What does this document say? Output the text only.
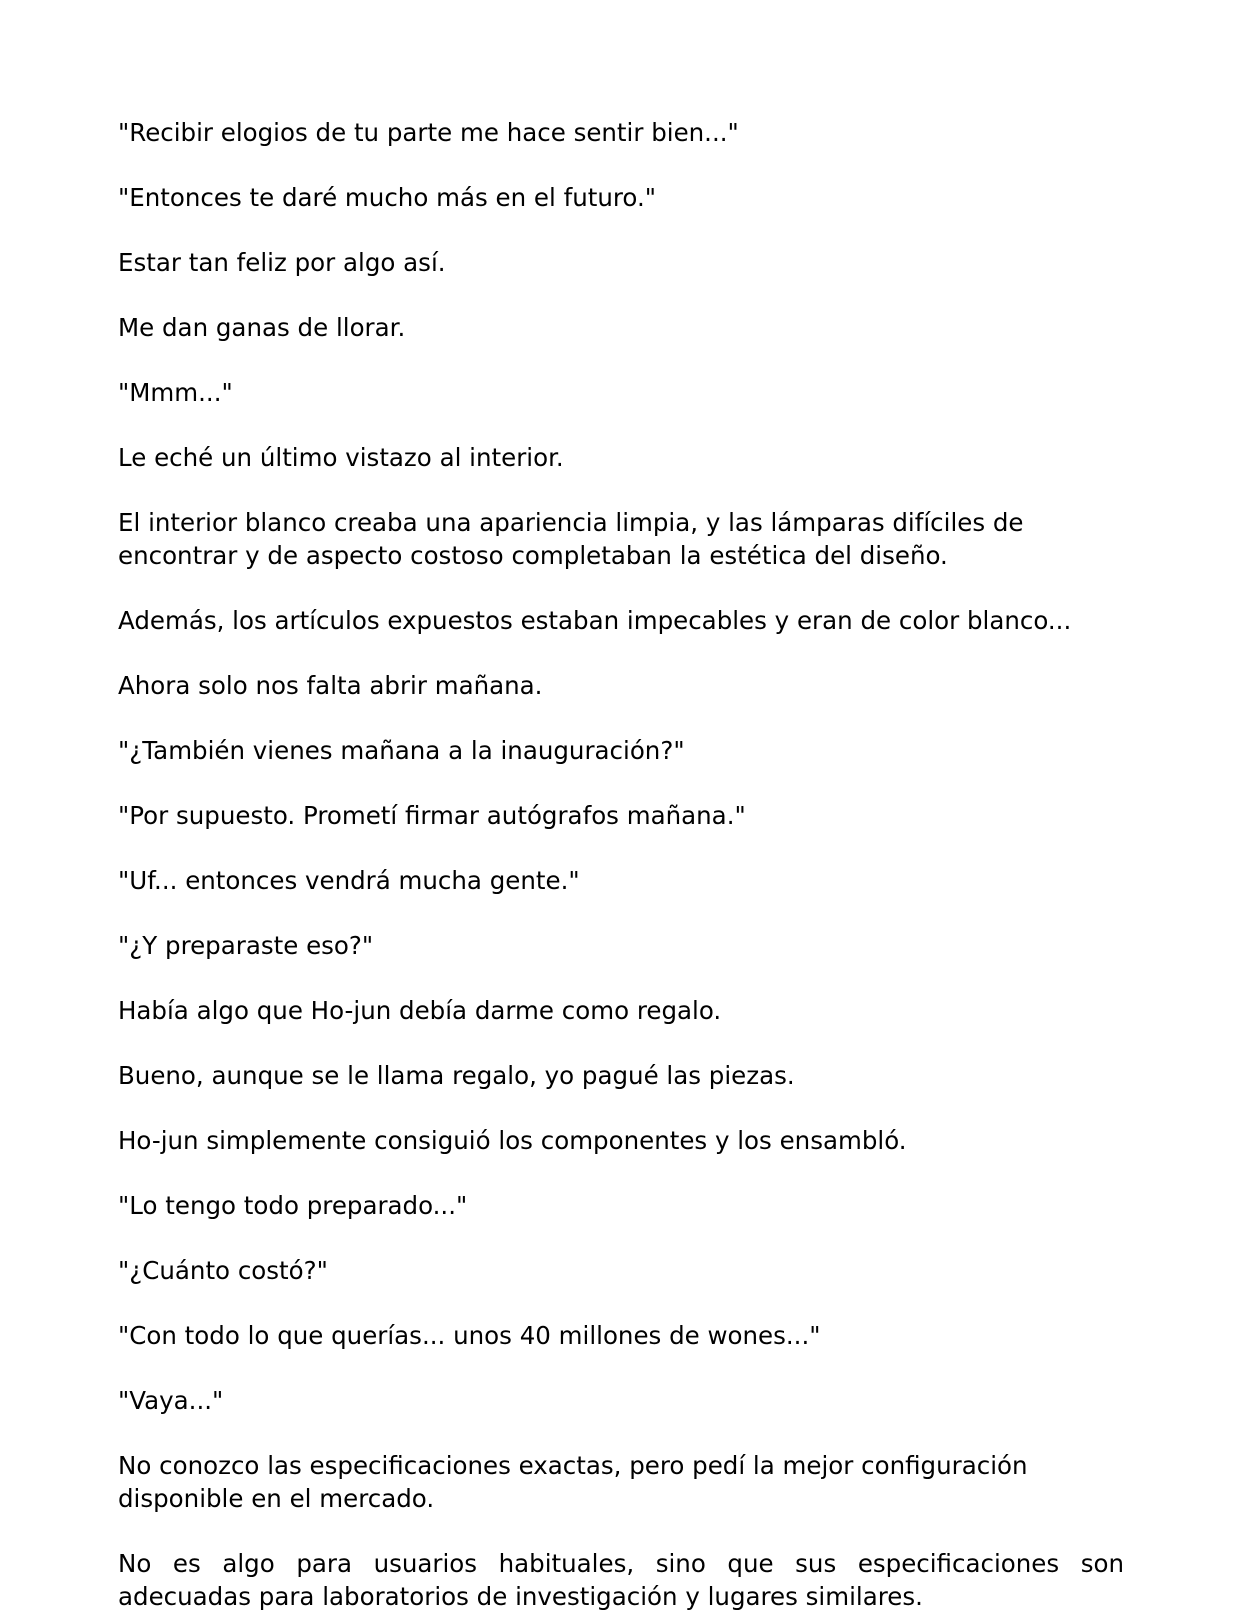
"Recibir elogios de tu parte me hace sentir bien..."

"Entonces te daré mucho más en el futuro."

Estar tan feliz por algo así.

Me dan ganas de llorar.

"Mmm..."

Le eché un último vistazo al interior.

El interior blanco creaba una apariencia limpia, y las lámparas difíciles de encontrar y de aspecto costoso completaban la estética del diseño.

Además, los artículos expuestos estaban impecables y eran de color blanco...

Ahora solo nos falta abrir mañana.

"¿También vienes mañana a la inauguración?"

"Por supuesto. Prometí firmar autógrafos mañana."

"Uf... entonces vendrá mucha gente."

"¿Y preparaste eso?"

Había algo que Ho-jun debía darme como regalo.

Bueno, aunque se le llama regalo, yo pagué las piezas.

Ho-jun simplemente consiguió los componentes y los ensambló.

"Lo tengo todo preparado..."

"¿Cuánto costó?"

"Con todo lo que querías... unos 40 millones de wones..."

"Vaya..."

No conozco las especificaciones exactas, pero pedí la mejor configuración disponible en el mercado.

No es algo para usuarios habituales, sino que sus especificaciones son adecuadas para laboratorios de investigación y lugares similares.
